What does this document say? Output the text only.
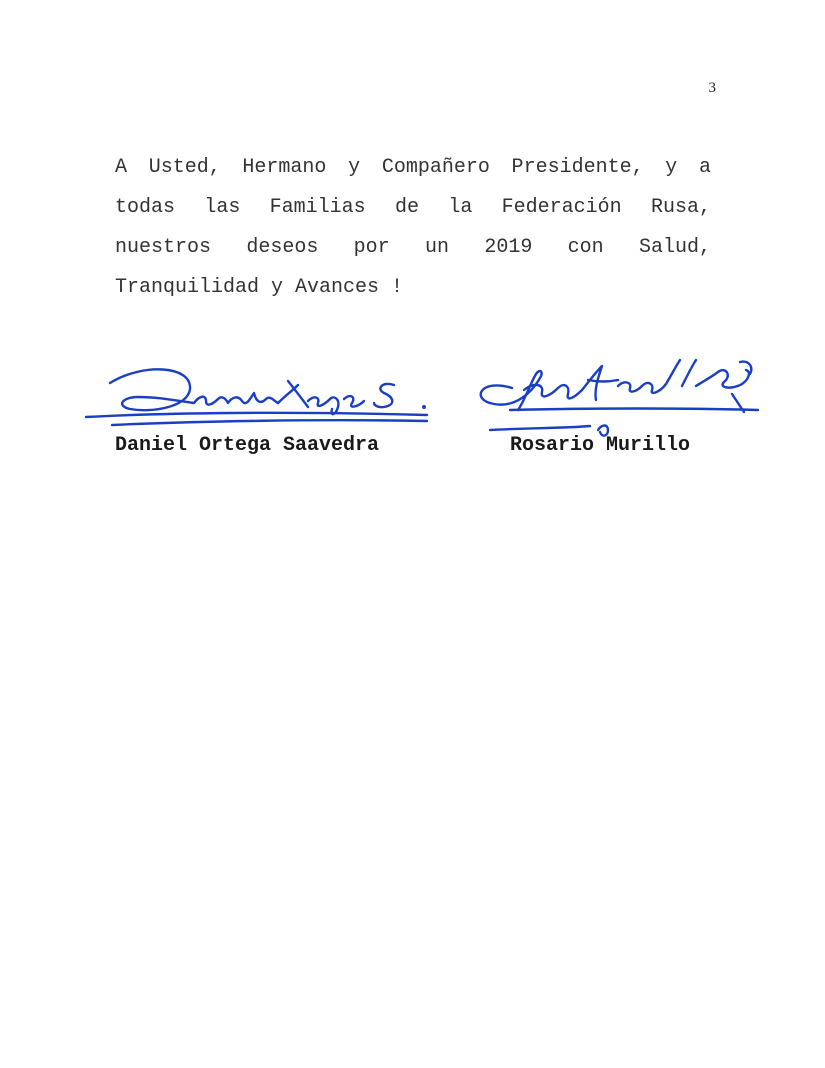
3

A Usted, Hermano y Compañero Presidente, y a todas las Familias de la Federación Rusa, nuestros deseos por un 2019 con Salud, Tranquilidad y Avances !

Daniel Ortega Saavedra	Rosario Murillo
